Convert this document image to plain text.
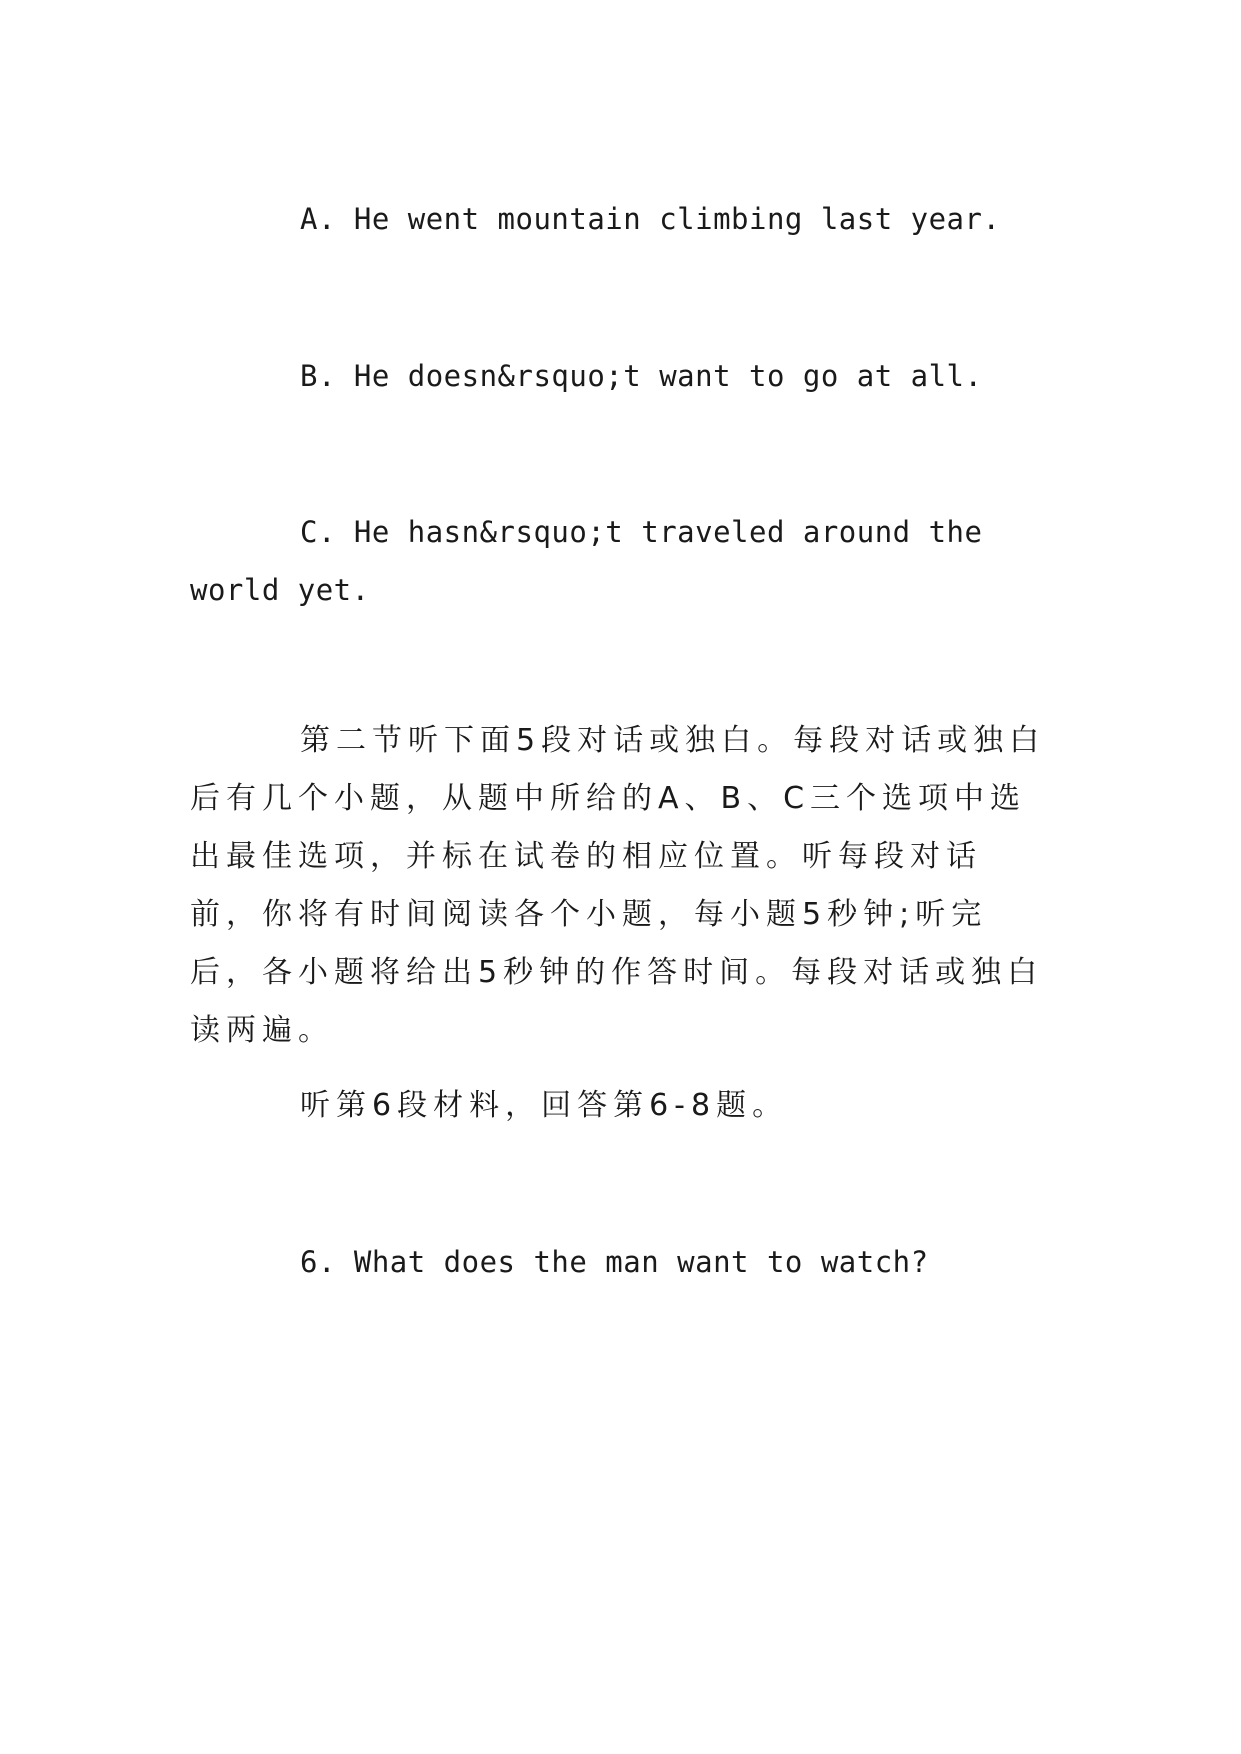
A. He went mountain climbing last year.
B. He doesn&rsquo;t want to go at all.
C. He hasn&rsquo;t traveled around the world yet.
第二节听下面5段对话或独白。每段对话或独白后有几个小题，从题中所给的A、B、C三个选项中选出最佳选项，并标在试卷的相应位置。听每段对话前，你将有时间阅读各个小题，每小题5秒钟;听完后，各小题将给出5秒钟的作答时间。每段对话或独白读两遍。
听第6段材料，回答第6-8题。
6. What does the man want to watch?
